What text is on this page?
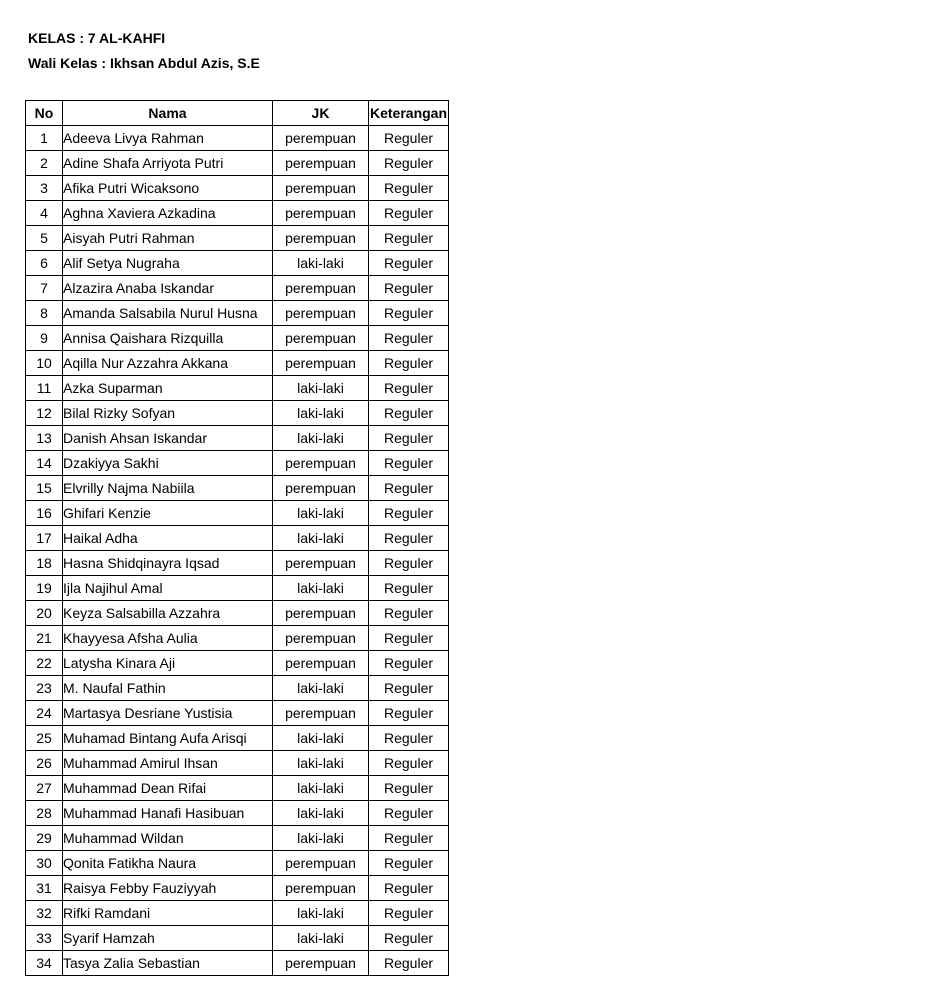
KELAS : 7 AL-KAHFI
Wali Kelas : Ikhsan Abdul Azis, S.E
No	Nama	JK	Keterangan
1	Adeeva Livya Rahman	perempuan	Reguler
2	Adine Shafa Arriyota Putri	perempuan	Reguler
3	Afika Putri Wicaksono	perempuan	Reguler
4	Aghna Xaviera Azkadina	perempuan	Reguler
5	Aisyah Putri Rahman	perempuan	Reguler
6	Alif Setya Nugraha	laki-laki	Reguler
7	Alzazira Anaba Iskandar	perempuan	Reguler
8	Amanda Salsabila Nurul Husna	perempuan	Reguler
9	Annisa Qaishara Rizquilla	perempuan	Reguler
10	Aqilla Nur Azzahra Akkana	perempuan	Reguler
11	Azka Suparman	laki-laki	Reguler
12	Bilal Rizky Sofyan	laki-laki	Reguler
13	Danish Ahsan Iskandar	laki-laki	Reguler
14	Dzakiyya Sakhi	perempuan	Reguler
15	Elvrilly Najma Nabiila	perempuan	Reguler
16	Ghifari Kenzie	laki-laki	Reguler
17	Haikal Adha	laki-laki	Reguler
18	Hasna Shidqinayra Iqsad	perempuan	Reguler
19	Ijla Najihul Amal	laki-laki	Reguler
20	Keyza Salsabilla Azzahra	perempuan	Reguler
21	Khayyesa Afsha Aulia	perempuan	Reguler
22	Latysha Kinara Aji	perempuan	Reguler
23	M. Naufal Fathin	laki-laki	Reguler
24	Martasya Desriane Yustisia	perempuan	Reguler
25	Muhamad Bintang Aufa Arisqi	laki-laki	Reguler
26	Muhammad Amirul Ihsan	laki-laki	Reguler
27	Muhammad Dean Rifai	laki-laki	Reguler
28	Muhammad Hanafi Hasibuan	laki-laki	Reguler
29	Muhammad Wildan	laki-laki	Reguler
30	Qonita Fatikha Naura	perempuan	Reguler
31	Raisya Febby Fauziyyah	perempuan	Reguler
32	Rifki Ramdani	laki-laki	Reguler
33	Syarif Hamzah	laki-laki	Reguler
34	Tasya Zalia Sebastian	perempuan	Reguler
